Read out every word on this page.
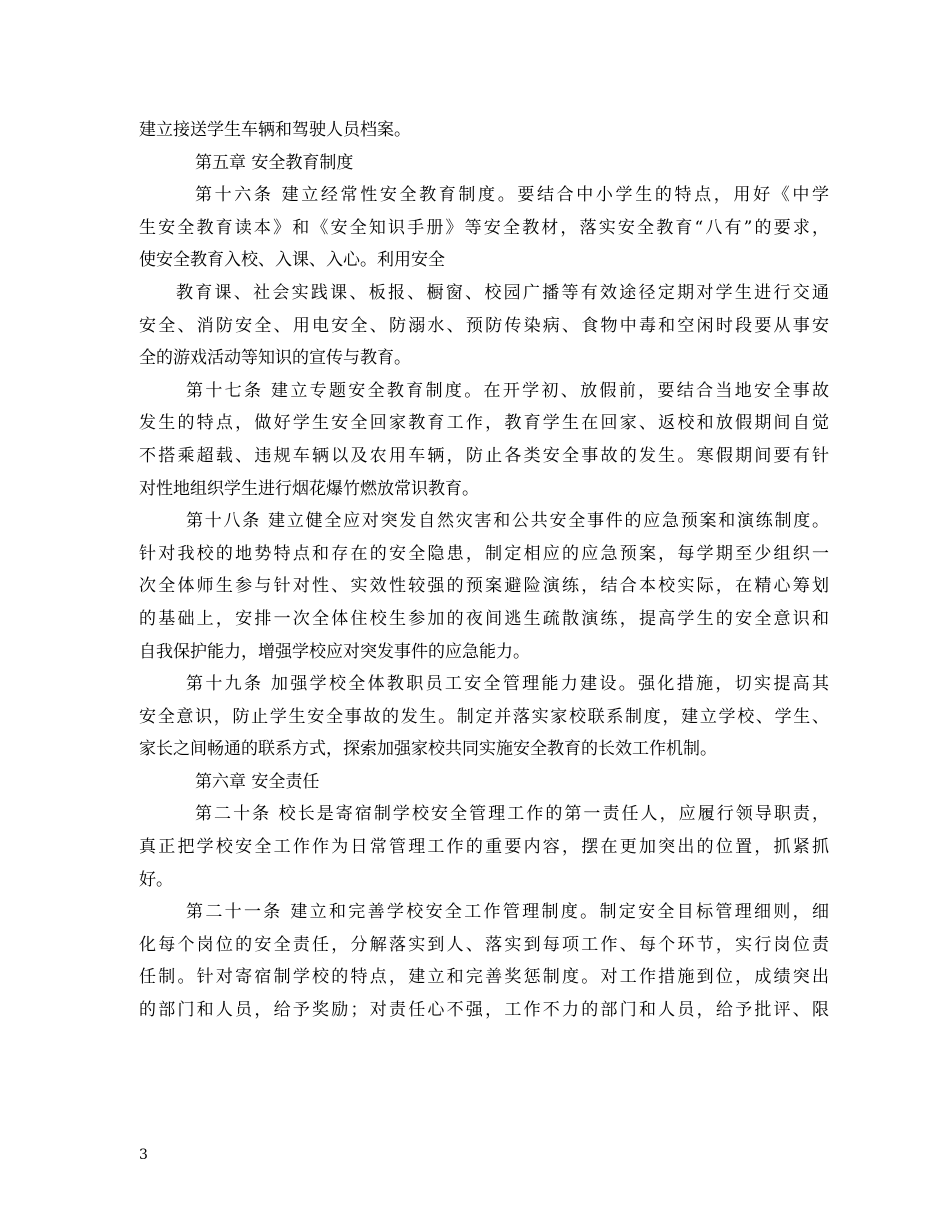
建立接送学生车辆和驾驶人员档案。
第五章 安全教育制度
第十六条 建立经常性安全教育制度。要结合中小学生的特点，用好《中学
生安全教育读本》和《安全知识手册》等安全教材，落实安全教育“八有”的要求，
使安全教育入校、入课、入心。利用安全
教育课、社会实践课、板报、橱窗、校园广播等有效途径定期对学生进行交通
安全、消防安全、用电安全、防溺水、预防传染病、食物中毒和空闲时段要从事安
全的游戏活动等知识的宣传与教育。
第十七条 建立专题安全教育制度。在开学初、放假前，要结合当地安全事故
发生的特点，做好学生安全回家教育工作，教育学生在回家、返校和放假期间自觉
不搭乘超载、违规车辆以及农用车辆，防止各类安全事故的发生。寒假期间要有针
对性地组织学生进行烟花爆竹燃放常识教育。
第十八条 建立健全应对突发自然灾害和公共安全事件的应急预案和演练制度。
针对我校的地势特点和存在的安全隐患，制定相应的应急预案，每学期至少组织一
次全体师生参与针对性、实效性较强的预案避险演练，结合本校实际，在精心筹划
的基础上，安排一次全体住校生参加的夜间逃生疏散演练，提高学生的安全意识和
自我保护能力，增强学校应对突发事件的应急能力。
第十九条 加强学校全体教职员工安全管理能力建设。强化措施，切实提高其
安全意识，防止学生安全事故的发生。制定并落实家校联系制度，建立学校、学生、
家长之间畅通的联系方式，探索加强家校共同实施安全教育的长效工作机制。
第六章 安全责任
第二十条 校长是寄宿制学校安全管理工作的第一责任人，应履行领导职责，
真正把学校安全工作作为日常管理工作的重要内容，摆在更加突出的位置，抓紧抓
好。
第二十一条 建立和完善学校安全工作管理制度。制定安全目标管理细则，细
化每个岗位的安全责任，分解落实到人、落实到每项工作、每个环节，实行岗位责
任制。针对寄宿制学校的特点，建立和完善奖惩制度。对工作措施到位，成绩突出
的部门和人员，给予奖励；对责任心不强，工作不力的部门和人员，给予批评、限
3
